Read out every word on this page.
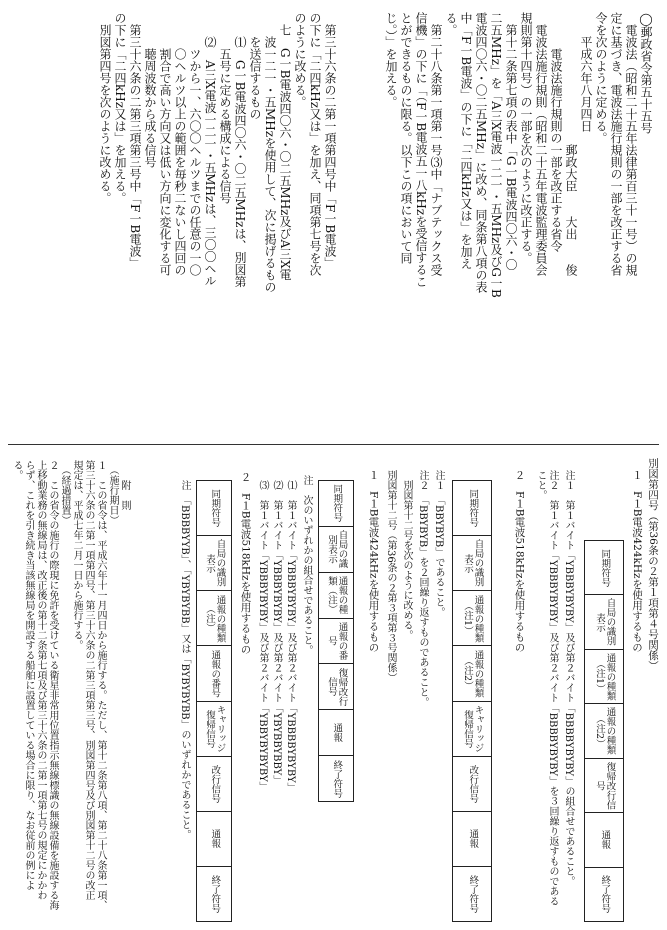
◯郵政省令第五十五号
　電波法（昭和二十五年法律第百三十一号）の規
定に基づき、電波法施行規則の一部を改正する省
令を次のように定める。
　　平成六年八月四日
　　　　　　　　　　　郵政大臣　　大出　　俊
　　　電波法施行規則の一部を改正する省令
　電波法施行規則（昭和二十五年電波監理委員会
規則第十四号）の一部を次のように改正する。
　第十二条第七項の表中「G一B電波四〇六・〇
二五MHz」を「A三X電波一二一・五MHz及びG一B
電波四〇六・〇二五MHz」に改め、同条第八項の表
中「F一B電波」の下に「二四kHz又は」を加え
る。
　第二十八条第一項第一号⑶中「ナブテックス受
信機」の下に「（F一B電波五一八kHzを受信するこ
とができるものに限る。以下この項において同
じ。）」を加える。
　第三十六条の二第一項第四号中「F一B電波」
の下に「二四kHz又は」を加え、同項第七号を次
のように改める。
　七　G一B電波四〇六・〇二五MHz及びA三X電
　　波一二一・五MHzを使用して、次に掲げるもの
　　を送信するもの
　　⑴　G一B電波四〇六・〇二五MHzは、別図第
　　　五号に定める構成による信号
　　⑵　A三X電波一二一・五MHzは、三〇〇ヘル
　　　ツから一、六〇〇ヘルツまでの任意の一〇
　　　〇ヘルツ以上の範囲を毎秒二ないし四回の
　　　割合で高い方向又は低い方向に変化する可
　　　聴周波数から成る信号
　第三十六条の二第三項第三号中「F一B電波」
の下に「二四kHz又は」を加える。
　別図第四号を次のように改める。
別図第四号（第36条の２第１項第４号関係）
１　F１B電波424kHzを使用するもの
同期符号
自局の識別表示
通報の種類（注1）
通報の種類（注2）
復帰改行信号
通報
終了符号
注１　第１バイト「YBBBYBYBY」及び第２バイト「BBBBYBYBY」の組合せであること。
注２　第１バイト「YBBBYBYBY」及び第２バイト「BBBBYBYBY」を３回繰り返すものであること。
２　F１B電波518kHzを使用するもの
同期符号
自局の識別表示
通報の種類（注1）
通報の種類（注2）
キャリッジ復帰信号
改行信号
通報
終了符号
注１　「BBYBYB」であること。
注２　「BBYBYB」を２回繰り返すものであること。
　別図第十二号を次のように改める。
別図第十二号（第36条の２第３項第３号関係）
１　F１B電波424kHzを使用するもの
同期符号
自局の識別表示
通報の種類（注）
通報の番号
復帰改行信号
通報
終了符号
注　次のいずれかの組合せであること。
⑴　第１バイト「YBBBYBYBY」及び第２バイト「YBBBBYBYBY」
⑵　第１バイト「YBBBYBYBY」及び第２バイト「YBYBBYBBY」
⑶　第１バイト「YBBBYBYBY」及び第２バイト「YBBYBYBYBY」
２　F１B電波518kHzを使用するもの
同期符号
自局の識別表示
通報の種類（注）
通報の番号
キャリッジ復帰信号
改行信号
通報
終了符号
注　「BBBBYYB」、「YBYBYBB」又は「BYBYBYBB」のいずれかであること。
　　附　則
　（施行期日）
１　この省令は、平成六年十一月四日から施行する。ただし、第十二条第八項、第二十八条第一項、
第三十六条の二第一項第四号、第三十六条の二第三項第三号、別図第四号及び別図第十二号の改正
規定は、平成七年二月一日から施行する。
　（経過措置）
２　この省令の施行の際現に免許を受けている衛星非常用位置指示無線標識の無線設備を施設する海
上移動業務の無線局は、改正後の第十二条第七項及び第三十六条の二第一項第七号の規定にかかわ
らず、これを引き続き当該無線局を開設する船舶に設置している場合に限り、なお従前の例によ
る。
